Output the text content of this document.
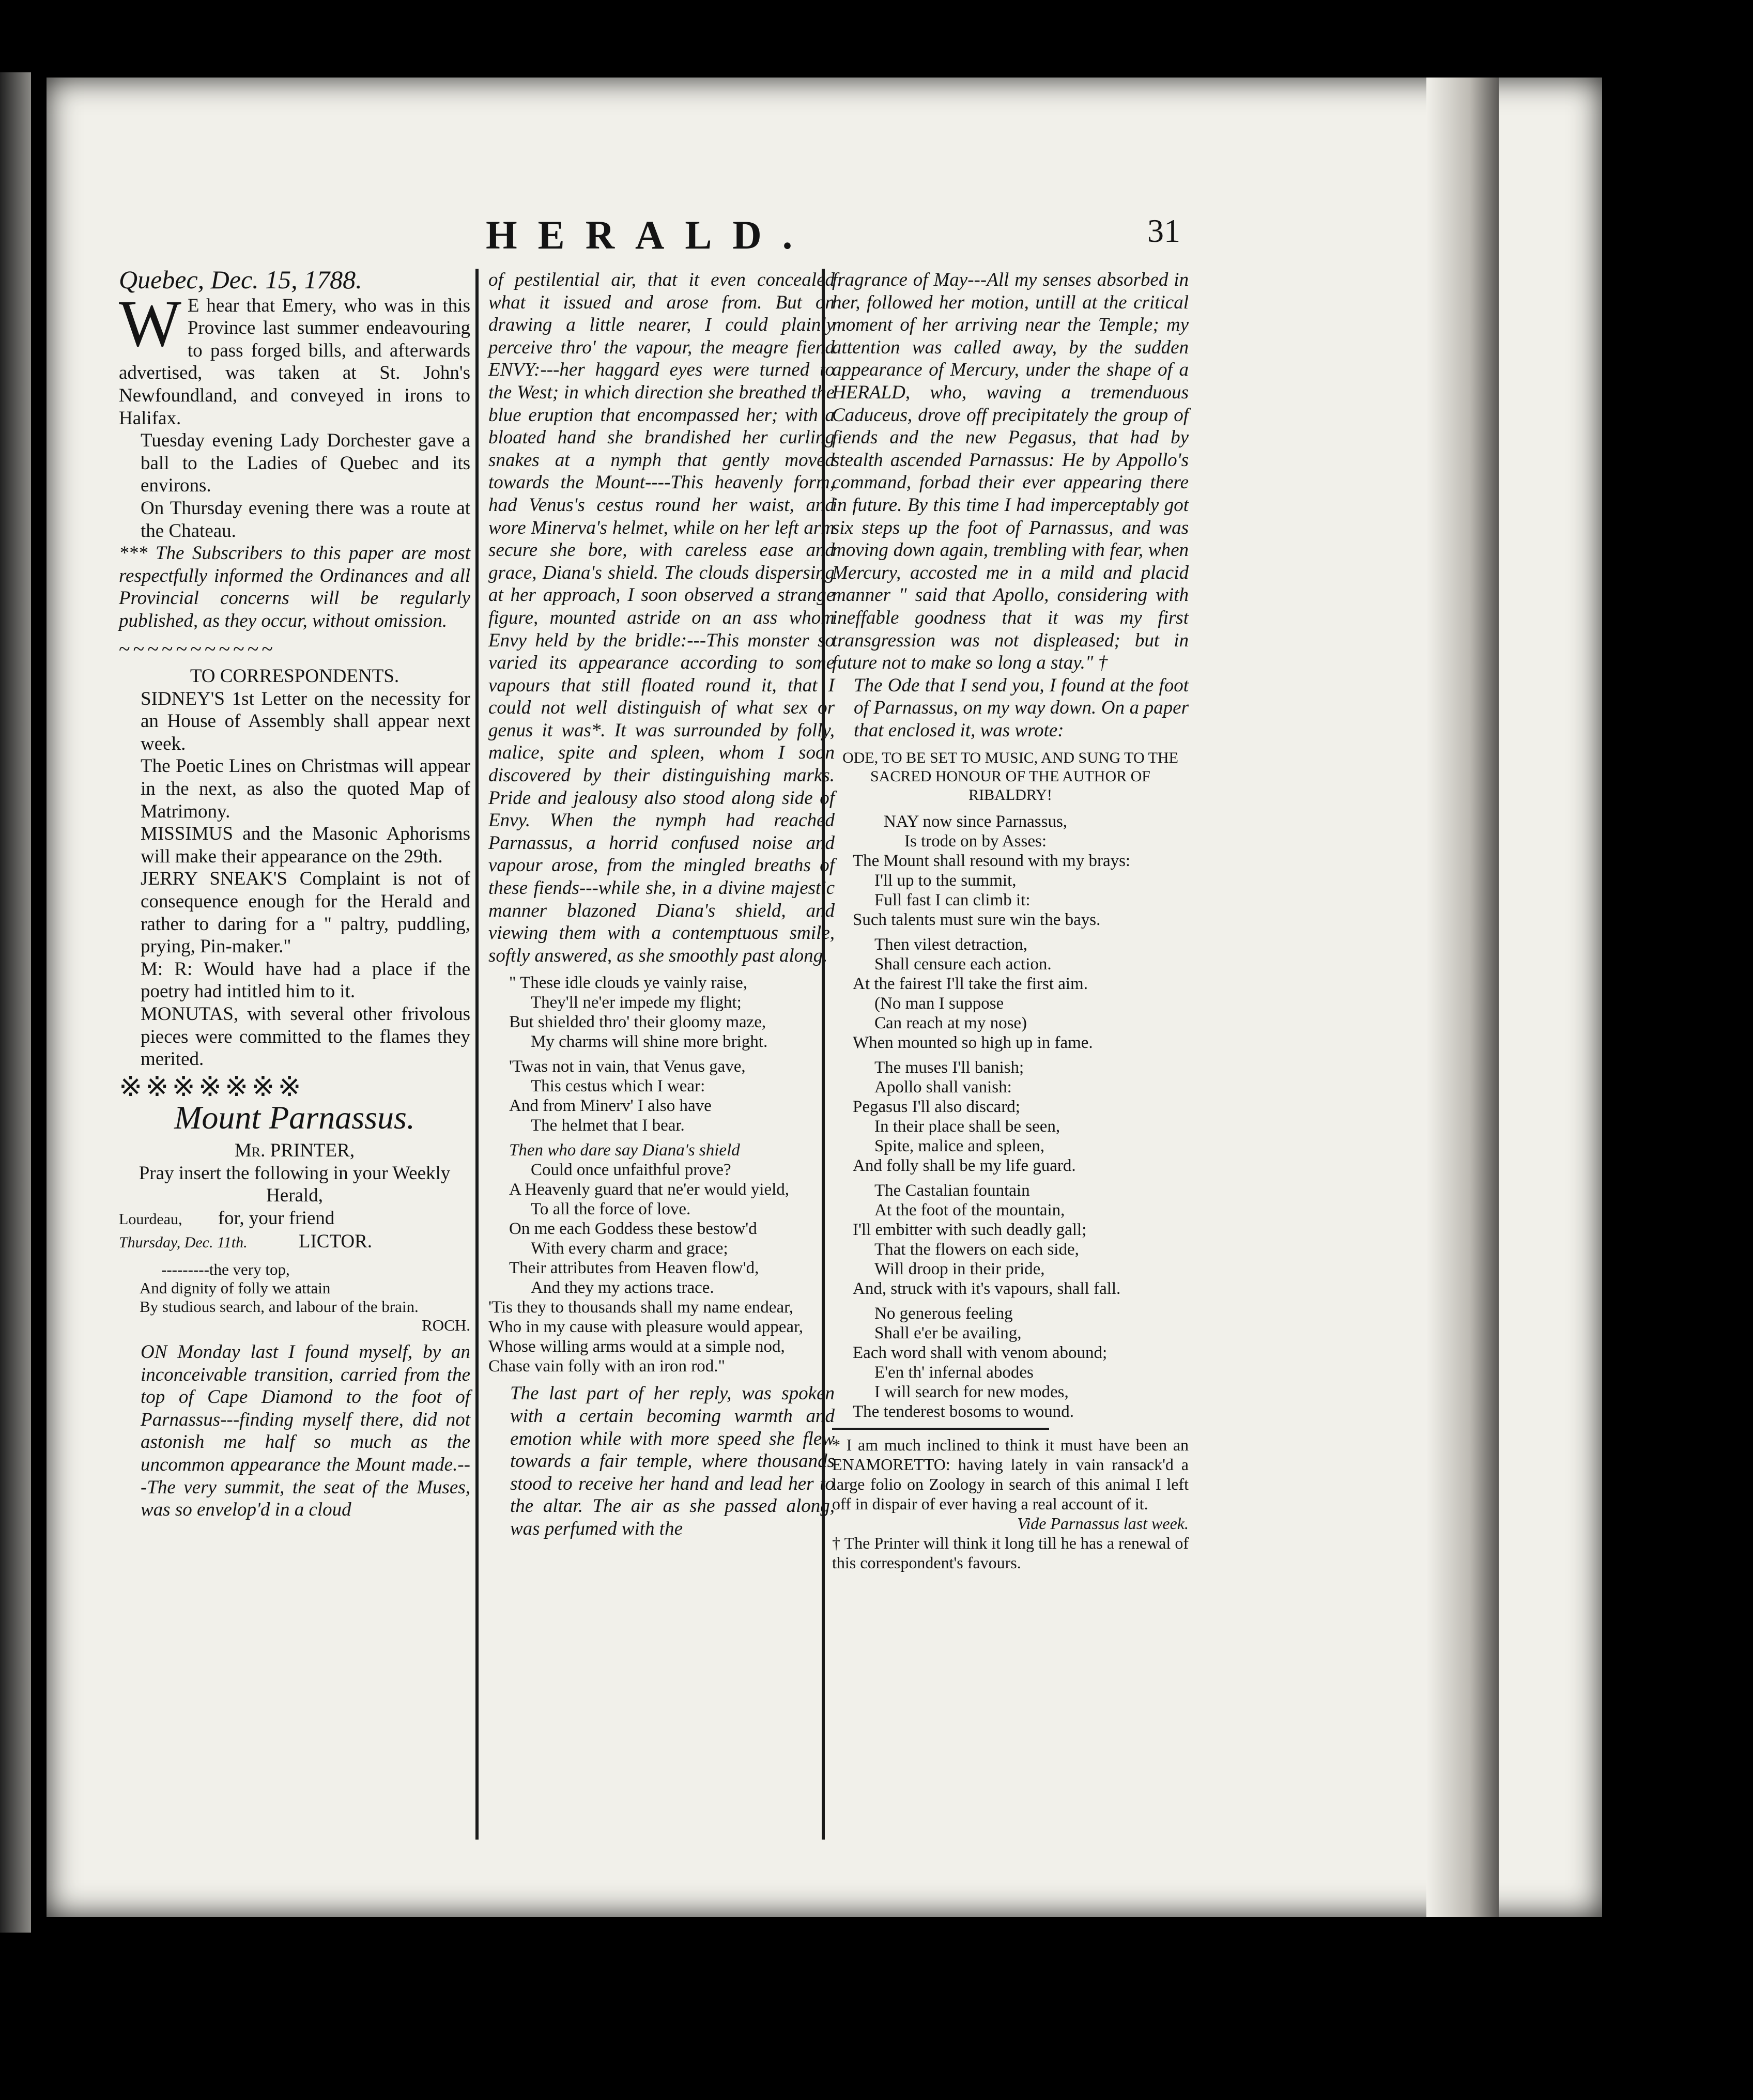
HERALD.	31

Quebec, Dec. 15, 1788.

W E hear that Emery, who was in this Province last summer endeavouring to pass forged bills, and afterwards advertised, was taken at St. John's Newfoundland, and conveyed in irons to Halifax.

Tuesday evening Lady Dorchester gave a ball to the Ladies of Quebec and its environs.

On Thursday evening there was a route at the Chateau.

*** The Subscribers to this paper are most respectfully informed the Ordinances and all Provincial concerns will be regularly published, as they occur, without omission.

~~~~~~~~~~~

TO CORRESPONDENTS.

SIDNEY'S 1st Letter on the necessity for an House of Assembly shall appear next week.

The Poetic Lines on Christmas will appear in the next, as also the quoted Map of Matrimony.

MISSIMUS and the Masonic Aphorisms will make their appearance on the 29th.

JERRY SNEAK'S Complaint is not of consequence enough for the Herald and rather to daring for a " paltry, puddling, prying, Pin-maker."

M: R: Would have had a place if the poetry had intitled him to it.

MONUTAS, with several other frivolous pieces were committed to the flames they merited.

※※※※※※※

Mount Parnassus.

Mr. PRINTER,

Pray insert the following in your Weekly Herald,

Lourdeau, for, your friend

Thursday, Dec. 11th.	LICTOR.

---------the very top,
And dignity of folly we attain
By studious search, and labour of the brain.
ROCH.

ON Monday last I found myself, by an inconceivable transition, carried from the top of Cape Diamond to the foot of Parnassus---finding myself there, did not astonish me half so much as the uncommon appearance the Mount made.---The very summit, the seat of the Muses, was so envelop'd in a cloud

of pestilential air, that it even concealed what it issued and arose from. But on drawing a little nearer, I could plainly perceive thro' the vapour, the meagre fiend ENVY:---her haggard eyes were turned to the West; in which direction she breathed the blue eruption that encompassed her; with a bloated hand she brandished her curling snakes at a nymph that gently moved towards the Mount----This heavenly form, had Venus's cestus round her waist, and wore Minerva's helmet, while on her left arm secure she bore, with careless ease and grace, Diana's shield. The clouds dispersing at her approach, I soon observed a strange figure, mounted astride on an ass whom Envy held by the bridle:---This monster so varied its appearance according to some vapours that still floated round it, that I could not well distinguish of what sex or genus it was*. It was surrounded by folly, malice, spite and spleen, whom I soon discovered by their distinguishing marks. Pride and jealousy also stood along side of Envy. When the nymph had reached Parnassus, a horrid confused noise and vapour arose, from the mingled breaths of these fiends---while she, in a divine majestic manner blazoned Diana's shield, and viewing them with a contemptuous smile, softly answered, as she smoothly past along.

" These idle clouds ye vainly raise,
They'll ne'er impede my flight;
But shielded thro' their gloomy maze,
My charms will shine more bright.
'Twas not in vain, that Venus gave,
This cestus which I wear:
And from Minerv' I also have
The helmet that I bear.
Then who dare say Diana's shield
Could once unfaithful prove?
A Heavenly guard that ne'er would yield,
To all the force of love.
On me each Goddess these bestow'd
With every charm and grace;
Their attributes from Heaven flow'd,
And they my actions trace.
'Tis they to thousands shall my name endear,
Who in my cause with pleasure would appear,
Whose willing arms would at a simple nod,
Chase vain folly with an iron rod."

The last part of her reply, was spoken with a certain becoming warmth and emotion while with more speed she flew towards a fair temple, where thousands stood to receive her hand and lead her to the altar. The air as she passed along, was perfumed with the

fragrance of May---All my senses absorbed in her, followed her motion, untill at the critical moment of her arriving near the Temple; my attention was called away, by the sudden appearance of Mercury, under the shape of a HERALD, who, waving a tremenduous Caduceus, drove off precipitately the group of fiends and the new Pegasus, that had by stealth ascended Parnassus: He by Appollo's command, forbad their ever appearing there in future. By this time I had imperceptably got six steps up the foot of Parnassus, and was moving down again, trembling with fear, when Mercury, accosted me in a mild and placid manner " said that Apollo, considering with ineffable goodness that it was my first transgression was not displeased; but in future not to make so long a stay." †

The Ode that I send you, I found at the foot of Parnassus, on my way down. On a paper that enclosed it, was wrote:

ODE, TO BE SET TO MUSIC, AND SUNG TO THE SACRED HONOUR OF THE AUTHOR OF RIBALDRY!

NAY now since Parnassus,
Is trode on by Asses:
The Mount shall resound with my brays:
I'll up to the summit,
Full fast I can climb it:
Such talents must sure win the bays.
Then vilest detraction,
Shall censure each action.
At the fairest I'll take the first aim.
(No man I suppose
Can reach at my nose)
When mounted so high up in fame.
The muses I'll banish;
Apollo shall vanish:
Pegasus I'll also discard;
In their place shall be seen,
Spite, malice and spleen,
And folly shall be my life guard.
The Castalian fountain
At the foot of the mountain,
I'll embitter with such deadly gall;
That the flowers on each side,
Will droop in their pride,
And, struck with it's vapours, shall fall.
No generous feeling
Shall e'er be availing,
Each word shall with venom abound;
E'en th' infernal abodes
I will search for new modes,
The tenderest bosoms to wound.

* I am much inclined to think it must have been an ENAMORETTO: having lately in vain ransack'd a large folio on Zoology in search of this animal I left off in dispair of ever having a real account of it.

Vide Parnassus last week.

† The Printer will think it long till he has a renewal of this correspondent's favours.
